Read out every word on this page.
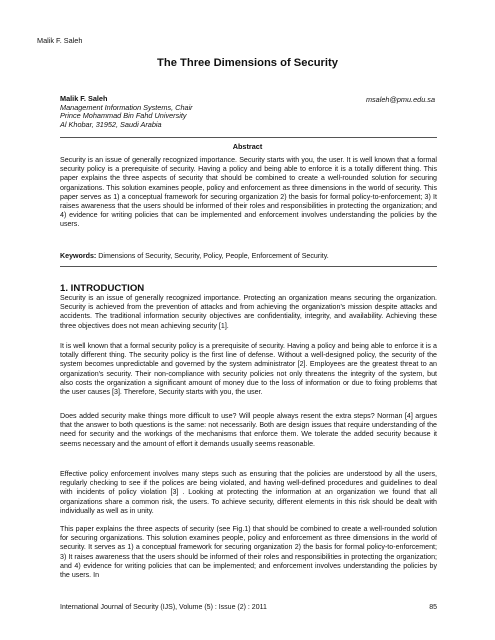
Malik F. Saleh
The Three Dimensions of Security
Malik F. Saleh
Management Information Systems, Chair
Prince Mohammad Bin Fahd University
Al Khobar, 31952, Saudi Arabia
msaleh@pmu.edu.sa
Abstract

Security is an issue of generally recognized importance. Security starts with you, the user. It is well known that a formal security policy is a prerequisite of security. Having a policy and being able to enforce it is a totally different thing. This paper explains the three aspects of security that should be combined to create a well-rounded solution for securing organizations. This solution examines people, policy and enforcement as three dimensions in the world of security. This paper serves as 1) a conceptual framework for securing organization 2) the basis for formal policy-to-enforcement; 3) It raises awareness that the users should be informed of their roles and responsibilities in protecting the organization; and 4) evidence for writing policies that can be implemented and enforcement involves understanding the policies by the users.

Keywords: Dimensions of Security, Security, Policy, People, Enforcement of Security.

1. INTRODUCTION

Security is an issue of generally recognized importance. Protecting an organization means securing the organization. Security is achieved from the prevention of attacks and from achieving the organization's mission despite attacks and accidents. The traditional information security objectives are confidentiality, integrity, and availability. Achieving these three objectives does not mean achieving security [1].

It is well known that a formal security policy is a prerequisite of security. Having a policy and being able to enforce it is a totally different thing. The security policy is the first line of defense. Without a well-designed policy, the security of the system becomes unpredictable and governed by the system administrator [2]. Employees are the greatest threat to an organization's security. Their non-compliance with security policies not only threatens the integrity of the system, but also costs the organization a significant amount of money due to the loss of information or due to fixing problems that the user causes [3]. Therefore, Security starts with you, the user.

Does added security make things more difficult to use? Will people always resent the extra steps? Norman [4] argues that the answer to both questions is the same: not necessarily. Both are design issues that require understanding of the need for security and the workings of the mechanisms that enforce them. We tolerate the added security because it seems necessary and the amount of effort it demands usually seems reasonable.

Effective policy enforcement involves many steps such as ensuring that the policies are understood by all the users, regularly checking to see if the polices are being violated, and having well-defined procedures and guidelines to deal with incidents of policy violation [3] . Looking at protecting the information at an organization we found that all organizations share a common risk, the users. To achieve security, different elements in this risk should be dealt with individually as well as in unity.

This paper explains the three aspects of security (see Fig.1) that should be combined to create a well-rounded solution for securing organizations. This solution examines people, policy and enforcement as three dimensions in the world of security. It serves as 1) a conceptual framework for securing organization 2) the basis for formal policy-to-enforcement; 3) It raises awareness that the users should be informed of their roles and responsibilities in protecting the organization; and 4) evidence for writing policies that can be implemented; and enforcement involves understanding the policies by the users. In

International Journal of Security (IJS), Volume (5) : Issue (2) : 2011	85
